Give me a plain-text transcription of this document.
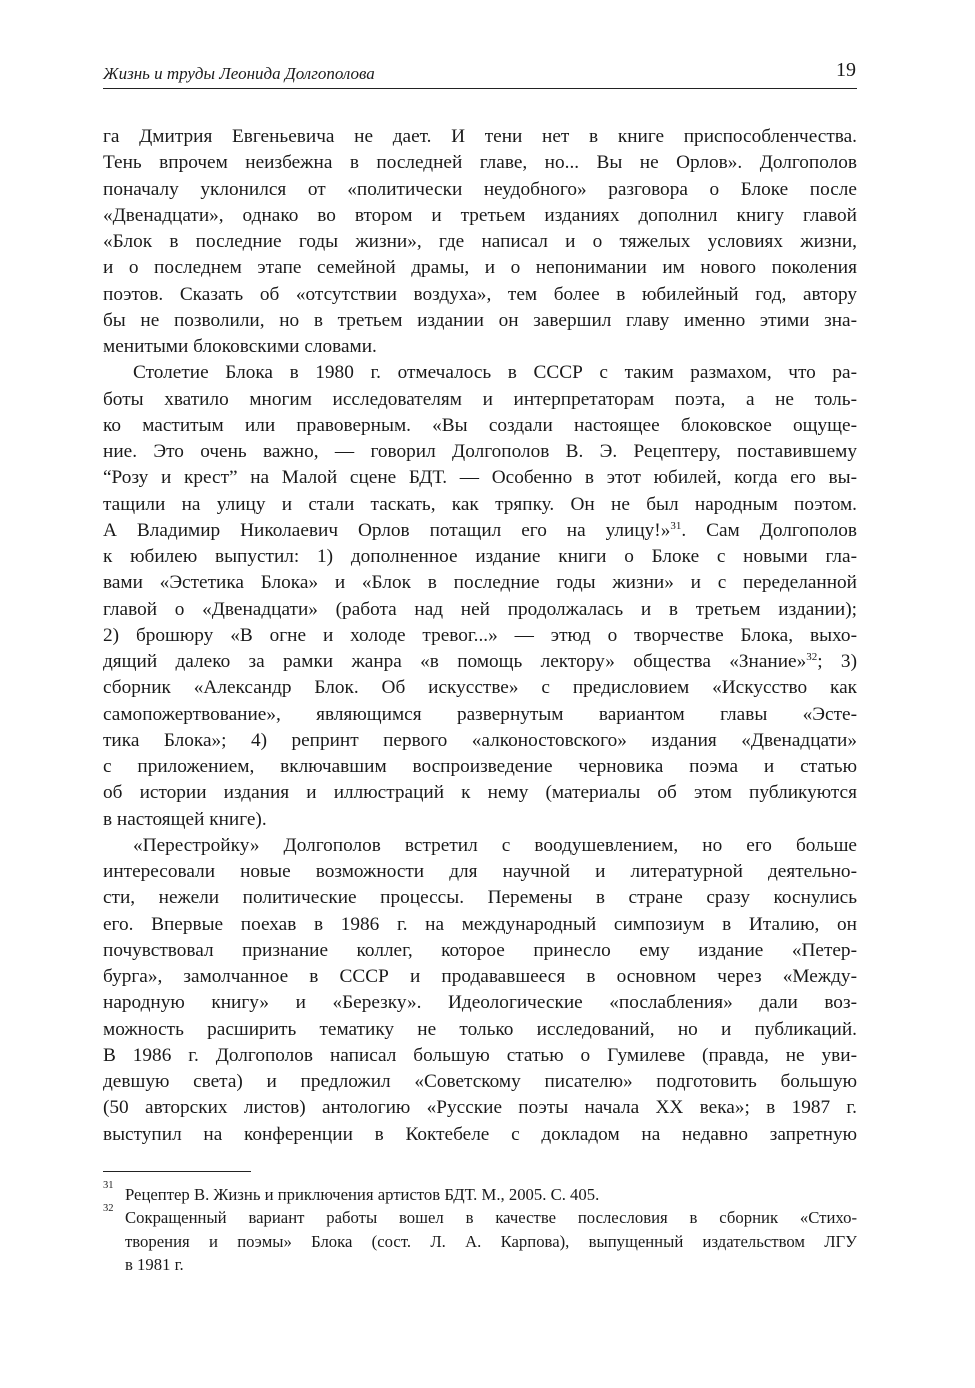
Жизнь и труды Леонида Долгополова	19
га Дмитрия Евгеньевича не дает. И тени нет в книге приспособленчества.
Тень впрочем неизбежна в последней главе, но... Вы не Орлов». Долгополов
поначалу уклонился от «политически неудобного» разговора о Блоке после
«Двенадцати», однако во втором и третьем изданиях дополнил книгу главой
«Блок в последние годы жизни», где написал и о тяжелых условиях жизни,
и о последнем этапе семейной драмы, и о непонимании им нового поколения
поэтов. Сказать об «отсутствии воздуха», тем более в юбилейный год, автору
бы не позволили, но в третьем издании он завершил главу именно этими зна-
менитыми блоковскими словами.
Столетие Блока в 1980 г. отмечалось в СССР с таким размахом, что ра-
боты хватило многим исследователям и интерпретаторам поэта, а не толь-
ко маститым или правоверным. «Вы создали настоящее блоковское ощуще-
ние. Это очень важно, — говорил Долгополов В. Э. Рецептеру, поставившему
“Розу и крест” на Малой сцене БДТ. — Особенно в этот юбилей, когда его вы-
тащили на улицу и стали таскать, как тряпку. Он не был народным поэтом.
А Владимир Николаевич Орлов потащил его на улицу!»$^{31}$. Сам Долгополов
к юбилею выпустил: 1) дополненное издание книги о Блоке с новыми гла-
вами «Эстетика Блока» и «Блок в последние годы жизни» и с переделанной
главой о «Двенадцати» (работа над ней продолжалась и в третьем издании);
2) брошюру «В огне и холоде тревог...» — этюд о творчестве Блока, выхо-
дящий далеко за рамки жанра «в помощь лектору» общества «Знание»$^{32}$; 3)
сборник «Александр Блок. Об искусстве» с предисловием «Искусство как
самопожертвование», являющимся развернутым вариантом главы «Эсте-
тика Блока»; 4) репринт первого «алконостовского» издания «Двенадцати»
с приложением, включавшим воспроизведение черновика поэма и статью
об истории издания и иллюстраций к нему (материалы об этом публикуются
в настоящей книге).
«Перестройку» Долгополов встретил с воодушевлением, но его больше
интересовали новые возможности для научной и литературной деятельно-
сти, нежели политические процессы. Перемены в стране сразу коснулись
его. Впервые поехав в 1986 г. на международный симпозиум в Италию, он
почувствовал признание коллег, которое принесло ему издание «Петер-
бурга», замолчанное в СССР и продававшееся в основном через «Между-
народную книгу» и «Березку». Идеологические «послабления» дали воз-
можность расширить тематику не только исследований, но и публикаций.
В 1986 г. Долгополов написал большую статью о Гумилеве (правда, не уви-
девшую света) и предложил «Советскому писателю» подготовить большую
(50 авторских листов) антологию «Русские поэты начала XX века»; в 1987 г.
выступил на конференции в Коктебеле с докладом на недавно запретную
31 Рецептер В. Жизнь и приключения артистов БДТ. М., 2005. С. 405.
32 Сокращенный вариант работы вошел в качестве послесловия в сборник «Стихо-
творения и поэмы» Блока (сост. Л. А. Карпова), выпущенный издательством ЛГУ
в 1981 г.
